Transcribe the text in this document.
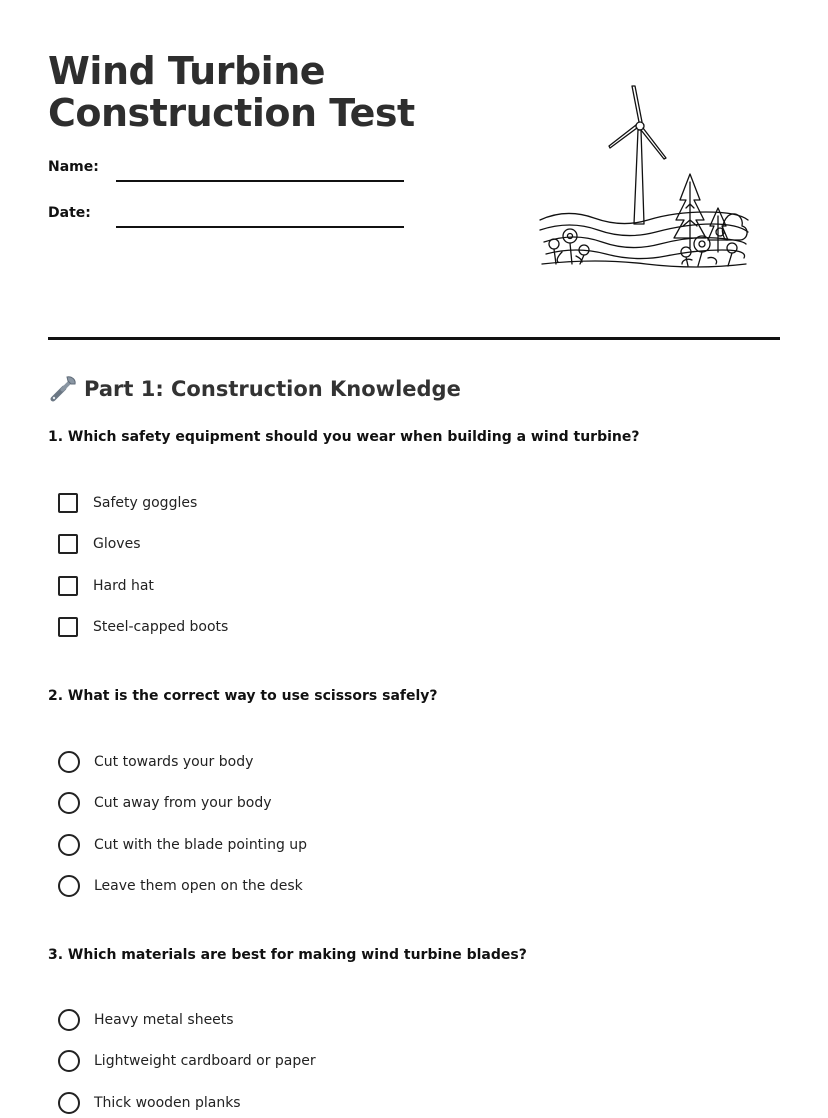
Wind Turbine
Construction Test
Name:
Date:
Part 1: Construction Knowledge
1. Which safety equipment should you wear when building a wind turbine?
Safety goggles
Gloves
Hard hat
Steel-capped boots
2. What is the correct way to use scissors safely?
Cut towards your body
Cut away from your body
Cut with the blade pointing up
Leave them open on the desk
3. Which materials are best for making wind turbine blades?
Heavy metal sheets
Lightweight cardboard or paper
Thick wooden planks
